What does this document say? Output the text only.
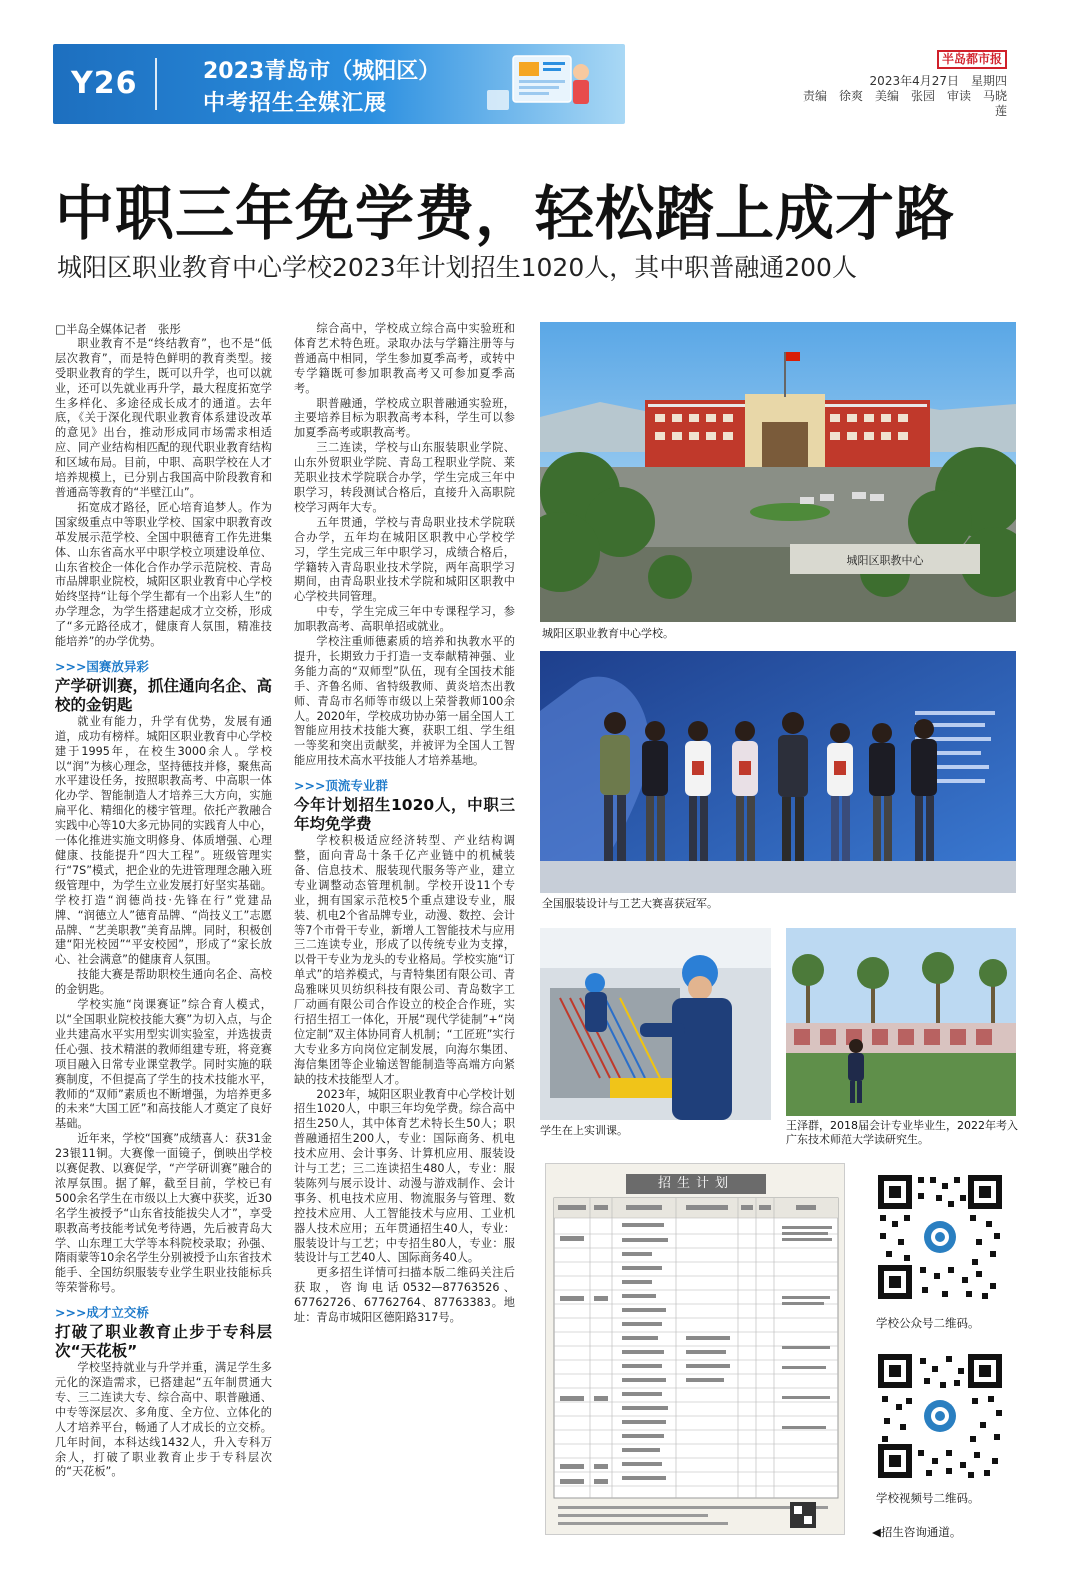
Y26	2023青岛市（城阳区）
中考招生全媒汇展
半岛都市报
2023年4月27日　星期四
责编　徐爽　美编　张园　审读　马晓莲
中职三年免学费，轻松踏上成才路
城阳区职业教育中心学校2023年计划招生1020人，其中职普融通200人

□半岛全媒体记者　张彤

职业教育不是“终结教育”，也不是“低层次教育”，而是特色鲜明的教育类型。接受职业教育的学生，既可以升学，也可以就业，还可以先就业再升学，最大程度拓宽学生多样化、多途径成长成才的通道。去年底，《关于深化现代职业教育体系建设改革的意见》出台，推动形成同市场需求相适应、同产业结构相匹配的现代职业教育结构和区域布局。目前，中职、高职学校在人才培养规模上，已分别占我国高中阶段教育和普通高等教育的“半壁江山”。

拓宽成才路径，匠心培育追梦人。作为国家级重点中等职业学校、国家中职教育改革发展示范学校、全国中职德育工作先进集体、山东省高水平中职学校立项建设单位、山东省校企一体化合作办学示范院校、青岛市品牌职业院校，城阳区职业教育中心学校始终坚持“让每个学生都有一个出彩人生”的办学理念，为学生搭建起成才立交桥，形成了“多元路径成才，健康育人氛围，精准技能培养”的办学优势。

>>>国赛放异彩

产学研训赛，抓住通向名企、高校的金钥匙

就业有能力，升学有优势，发展有通道，成功有榜样。城阳区职业教育中心学校建于1995年，在校生3000余人。学校以“润”为核心理念，坚持德技并修，聚焦高水平建设任务，按照职教高考、中高职一体化办学、智能制造人才培养三大方向，实施扁平化、精细化的楼宇管理。依托产教融合实践中心等10大多元协同的实践育人中心，一体化推进实施文明修身、体质增强、心理健康、技能提升“四大工程”。班级管理实行“7S”模式，把企业的先进管理理念融入班级管理中，为学生立业发展打好坚实基础。学校打造“润德尚技·先锋在行”党建品牌、“润德立人”德育品牌、“尚技义工”志愿品牌、“艺美职教”美育品牌。同时，积极创建“阳光校园”“平安校园”，形成了“家长放心、社会满意”的健康育人氛围。

技能大赛是帮助职校生通向名企、高校的金钥匙。

学校实施“岗课赛证”综合育人模式，以“全国职业院校技能大赛”为切入点，与企业共建高水平实用型实训实验室，并选拔责任心强、技术精湛的教师组建专班，将竞赛项目融入日常专业课堂教学。同时实施的联赛制度，不但提高了学生的技术技能水平，教师的“双师”素质也不断增强，为培养更多的未来“大国工匠”和高技能人才奠定了良好基础。

近年来，学校“国赛”成绩喜人：获31金23银11铜。大赛像一面镜子，倒映出学校以赛促教、以赛促学，“产学研训赛”融合的浓厚氛围。据了解，截至目前，学校已有500余名学生在市级以上大赛中获奖，近30名学生被授予“山东省技能拔尖人才”，享受职教高考技能考试免考待遇，先后被青岛大学、山东理工大学等本科院校录取；孙强、隋雨蒙等10余名学生分别被授予山东省技术能手、全国纺织服装专业学生职业技能标兵等荣誉称号。

>>>成才立交桥

打破了职业教育止步于专科层次“天花板”

学校坚持就业与升学并重，满足学生多元化的深造需求，已搭建起“五年制贯通大专、三二连读大专、综合高中、职普融通、中专等深层次、多角度、全方位、立体化的人才培养平台，畅通了人才成长的立交桥。几年时间，本科达线1432人，升入专科万余人，打破了职业教育止步于专科层次的“天花板”。

综合高中，学校成立综合高中实验班和体育艺术特色班。录取办法与学籍注册等与普通高中相同，学生参加夏季高考，或转中专学籍既可参加职教高考又可参加夏季高考。

职普融通，学校成立职普融通实验班，主要培养目标为职教高考本科，学生可以参加夏季高考或职教高考。

三二连读，学校与山东服装职业学院、山东外贸职业学院、青岛工程职业学院、莱芜职业技术学院联合办学，学生完成三年中职学习，转段测试合格后，直接升入高职院校学习两年大专。

五年贯通，学校与青岛职业技术学院联合办学，五年均在城阳区职教中心学校学习，学生完成三年中职学习，成绩合格后，学籍转入青岛职业技术学院，两年高职学习期间，由青岛职业技术学院和城阳区职教中心学校共同管理。

中专，学生完成三年中专课程学习，参加职教高考、高职单招或就业。

学校注重师德素质的培养和执教水平的提升，长期致力于打造一支奉献精神强、业务能力高的“双师型”队伍，现有全国技术能手、齐鲁名师、省特级教师、黄炎培杰出教师、青岛市名师等市级以上荣誉教师100余人。2020年，学校成功协办第一届全国人工智能应用技术技能大赛，获职工组、学生组一等奖和突出贡献奖，并被评为全国人工智能应用技术高水平技能人才培养基地。

>>>顶流专业群

今年计划招生1020人，中职三年均免学费

学校积极适应经济转型、产业结构调整，面向青岛十条千亿产业链中的机械装备、信息技术、服装现代服务等产业，建立专业调整动态管理机制。学校开设11个专业，拥有国家示范校5个重点建设专业，服装、机电2个省品牌专业，动漫、数控、会计等7个市骨干专业，新增人工智能技术与应用三二连读专业，形成了以传统专业为支撑，以骨干专业为龙头的专业格局。学校实施“订单式”的培养模式，与青特集团有限公司、青岛雅咪贝贝纺织科技有限公司、青岛数字工厂动画有限公司合作设立的校企合作班，实行招生招工一体化，开展“现代学徒制”+“岗位定制”双主体协同育人机制；“工匠班”实行大专业多方向岗位定制发展，向海尔集团、海信集团等企业输送智能制造等高端方向紧缺的技术技能型人才。

2023年，城阳区职业教育中心学校计划招生1020人，中职三年均免学费。综合高中招生250人，其中体育艺术特长生50人；职普融通招生200人，专业：国际商务、机电技术应用、会计事务、计算机应用、服装设计与工艺；三二连读招生480人，专业：服装陈列与展示设计、动漫与游戏制作、会计事务、机电技术应用、物流服务与管理、数控技术应用、人工智能技术与应用、工业机器人技术应用；五年贯通招生40人，专业：服装设计与工艺；中专招生80人，专业：服装设计与工艺40人、国际商务40人。

更多招生详情可扫描本版二维码关注后获取，咨询电话0532—87763526、67762726、67762764、87763383。地址：青岛市城阳区德阳路317号。

城阳区职教中心
城阳区职业教育中心学校。
全国服装设计与工艺大赛喜获冠军。
学生在上实训课。	王泽群，2018届会计专业毕业生，2022年考入广东技术师范大学读研究生。
招生计划
学校公众号二维码。
学校视频号二维码。
◀招生咨询通道。
